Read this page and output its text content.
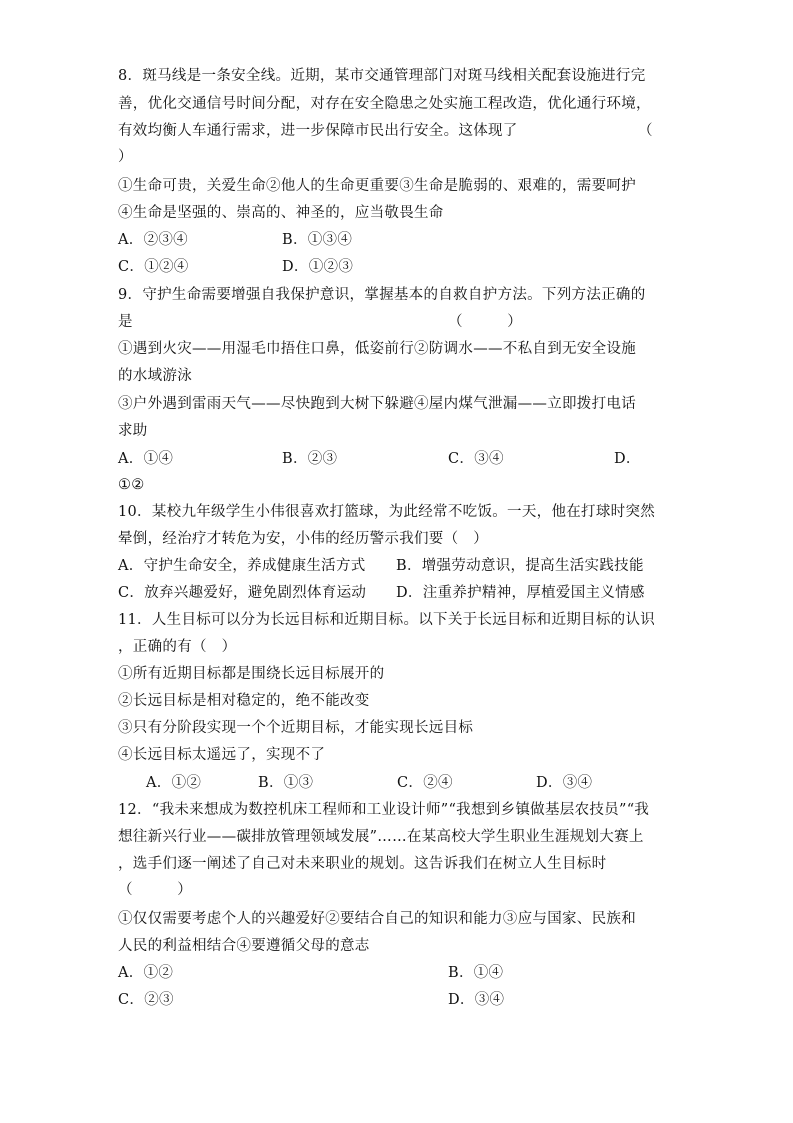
8．斑马线是一条安全线。近期，某市交通管理部门对斑马线相关配套设施进行完
善，优化交通信号时间分配，对存在安全隐患之处实施工程改造，优化通行环境，
有效均衡人车通行需求，进一步保障市民出行安全。这体现了	（
）
①生命可贵，关爱生命②他人的生命更重要③生命是脆弱的、艰难的，需要呵护
④生命是坚强的、崇高的、神圣的，应当敬畏生命
A．②③④	B．①③④
C．①②④	D．①②③
9．守护生命需要增强自我保护意识，掌握基本的自救自护方法。下列方法正确的
是	（　　　）
①遇到火灾——用湿毛巾捂住口鼻，低姿前行②防调水——不私自到无安全设施
的水域游泳
③户外遇到雷雨天气——尽快跑到大树下躲避④屋内煤气泄漏——立即拨打电话
求助
A．①④	B．②③	C．③④	D．
①②
10．某校九年级学生小伟很喜欢打篮球，为此经常不吃饭。一天，他在打球时突然
晕倒，经治疗才转危为安，小伟的经历警示我们要（　）
A．守护生命安全，养成健康生活方式 B．增强劳动意识，提高生活实践技能
C．放弃兴趣爱好，避免剧烈体育运动 D．注重养护精神，厚植爱国主义情感
11．人生目标可以分为长远目标和近期目标。以下关于长远目标和近期目标的认识
，正确的有（　）
①所有近期目标都是围绕长远目标展开的
②长远目标是相对稳定的，绝不能改变
③只有分阶段实现一个个近期目标，才能实现长远目标
④长远目标太遥远了，实现不了
A．①②	B．①③	C．②④	D．③④
12．“我未来想成为数控机床工程师和工业设计师”“我想到乡镇做基层农技员”“我
想往新兴行业——碳排放管理领域发展”……在某高校大学生职业生涯规划大赛上
，选手们逐一阐述了自己对未来职业的规划。这告诉我们在树立人生目标时
（　　　）
①仅仅需要考虑个人的兴趣爱好②要结合自己的知识和能力③应与国家、民族和
人民的利益相结合④要遵循父母的意志
A．①②	B．①④
C．②③	D．③④
